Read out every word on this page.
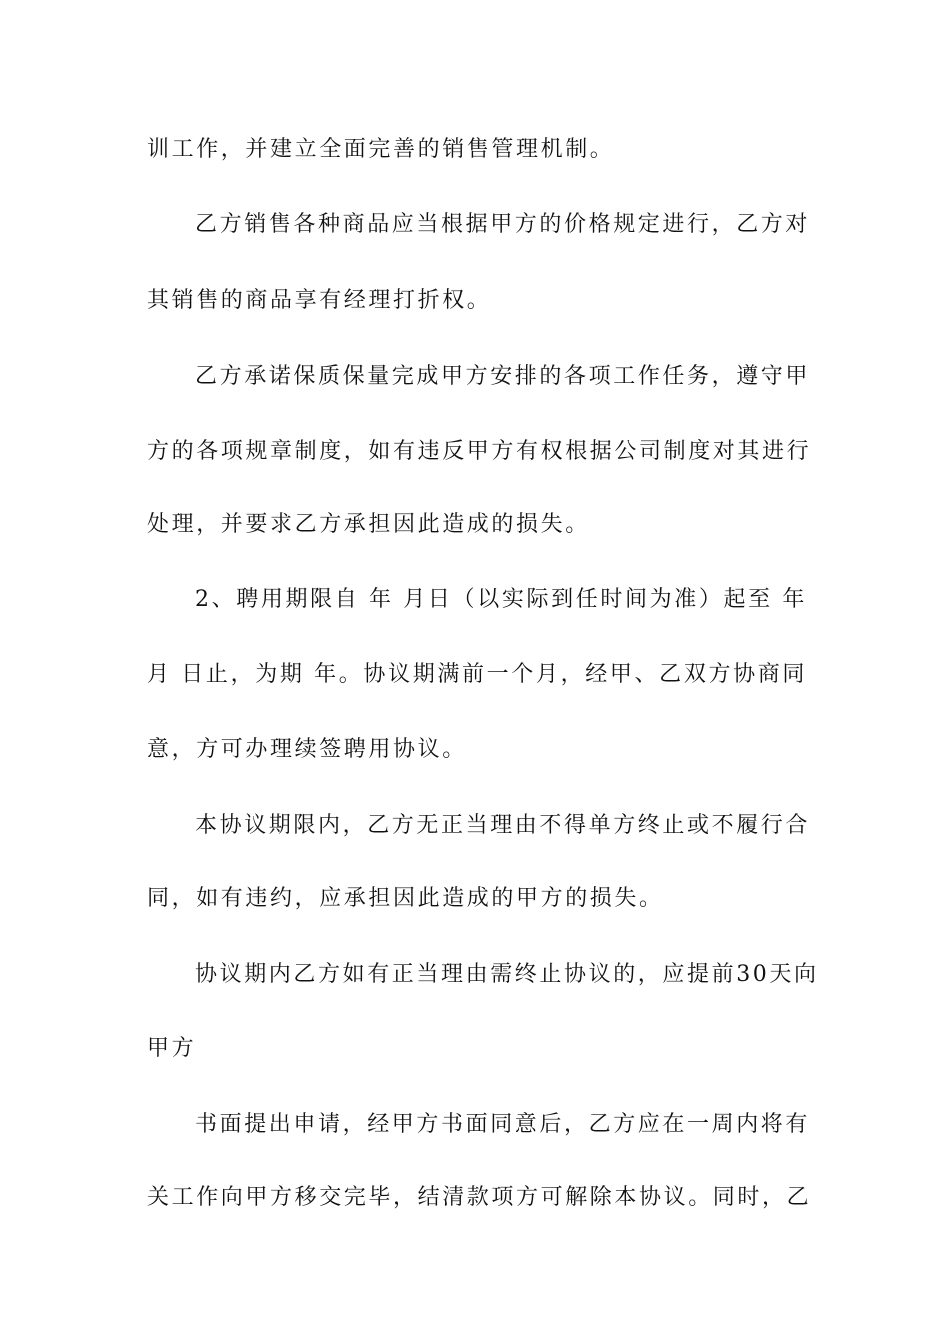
训工作，并建立全面完善的销售管理机制。
乙方销售各种商品应当根据甲方的价格规定进行，乙方对
其销售的商品享有经理打折权。
乙方承诺保质保量完成甲方安排的各项工作任务，遵守甲
方的各项规章制度，如有违反甲方有权根据公司制度对其进行
处理，并要求乙方承担因此造成的损失。
2、聘用期限自 年 月日（以实际到任时间为准）起至 年
月 日止，为期 年。协议期满前一个月，经甲、乙双方协商同
意，方可办理续签聘用协议。
本协议期限内，乙方无正当理由不得单方终止或不履行合
同，如有违约，应承担因此造成的甲方的损失。
协议期内乙方如有正当理由需终止协议的，应提前30天向
甲方
书面提出申请，经甲方书面同意后，乙方应在一周内将有
关工作向甲方移交完毕，结清款项方可解除本协议。同时，乙
